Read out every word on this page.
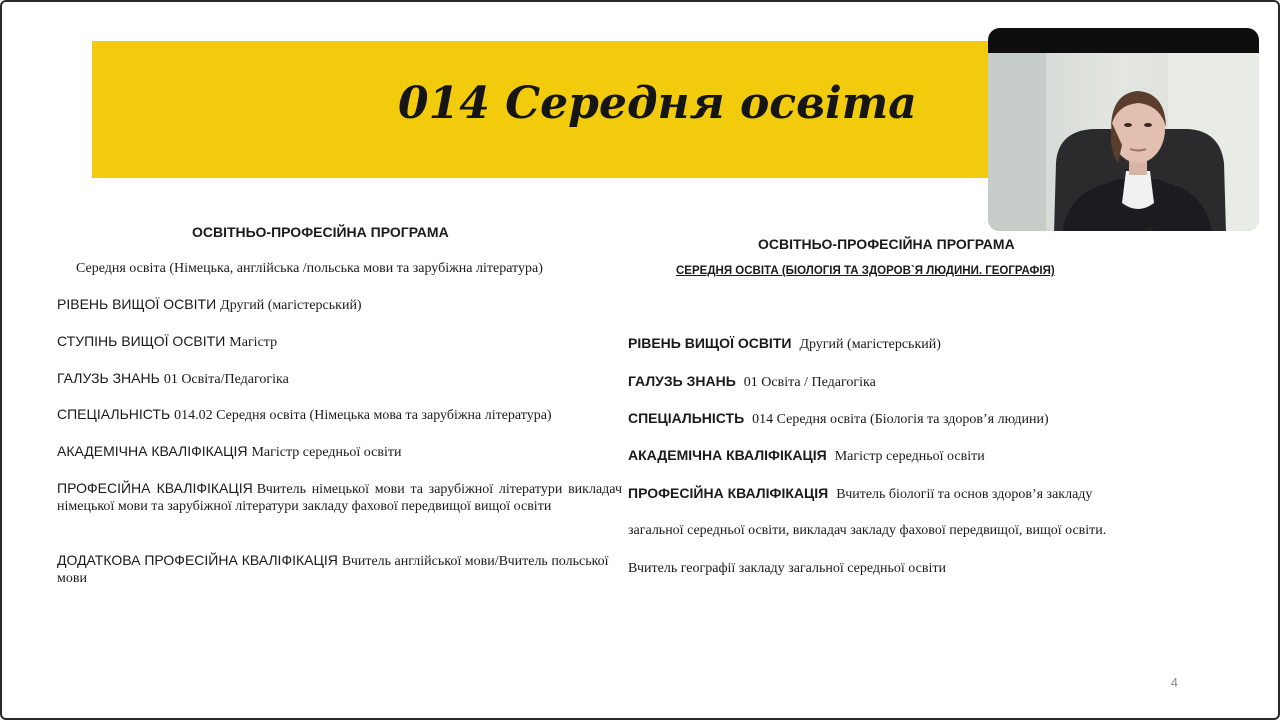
014 Середня освіта
ОСВІТНЬО-ПРОФЕСІЙНА ПРОГРАМА
Середня освіта (Німецька, англійська /польська мови та зарубіжна література)
РІВЕНЬ ВИЩОЇ ОСВІТИ Другий (магістерський)
СТУПІНЬ ВИЩОЇ ОСВІТИ Магістр
ГАЛУЗЬ ЗНАНЬ 01 Освіта/Педагогіка
СПЕЦІАЛЬНІСТЬ 014.02 Середня освіта (Німецька мова та зарубіжна література)
АКАДЕМІЧНА КВАЛІФІКАЦІЯ Магістр середньої освіти
ПРОФЕСІЙНА КВАЛІФІКАЦІЯ Вчитель німецької мови та зарубіжної літератури викладач німецької мови та зарубіжної літератури закладу фахової передвищої вищої освіти
ДОДАТКОВА ПРОФЕСІЙНА КВАЛІФІКАЦІЯ Вчитель англійської мови/Вчитель польської мови
ОСВІТНЬО-ПРОФЕСІЙНА ПРОГРАМА
СЕРЕДНЯ ОСВІТА (БІОЛОГІЯ ТА ЗДОРОВ`Я ЛЮДИНИ. ГЕОГРАФІЯ)
РІВЕНЬ ВИЩОЇ ОСВІТИ Другий (магістерський)
ГАЛУЗЬ ЗНАНЬ 01 Освіта / Педагогіка
СПЕЦІАЛЬНІСТЬ 014 Середня освіта (Біологія та здоров’я людини)
АКАДЕМІЧНА КВАЛІФІКАЦІЯ Магістр середньої освіти
ПРОФЕСІЙНА КВАЛІФІКАЦІЯ Вчитель біології та основ здоров’я закладу
загальної середньої освіти, викладач закладу фахової передвищої, вищої освіти.
Вчитель географії закладу загальної середньої освіти
4
